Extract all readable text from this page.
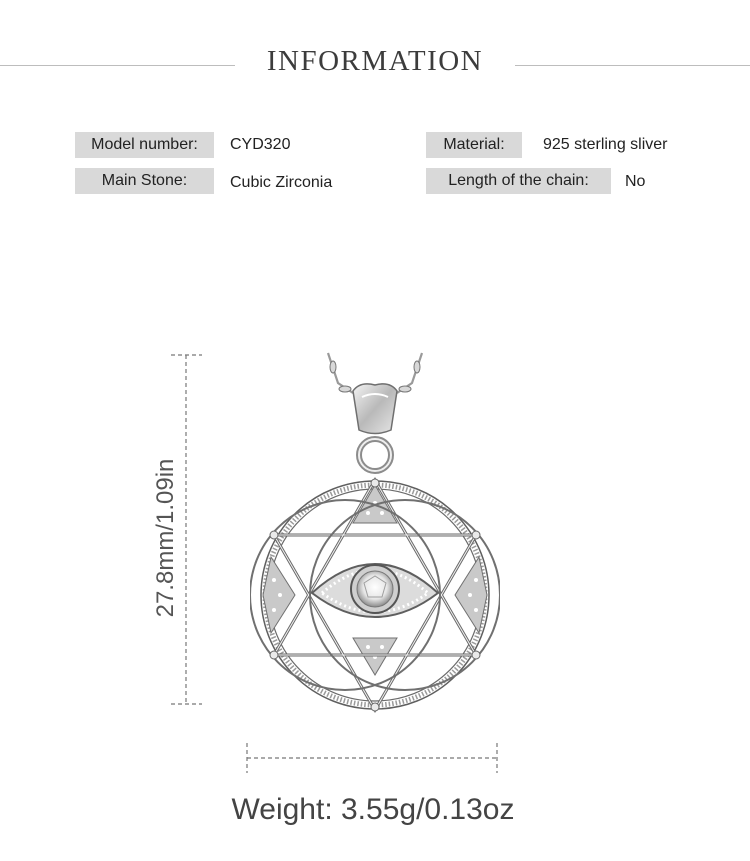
INFORMATION
Model number:	CYD320
Main Stone:	Cubic Zirconia
Material:	925 sterling sliver
Length of the chain:	No
27.8mm/1.09in
Weight: 3.55g/0.13oz
